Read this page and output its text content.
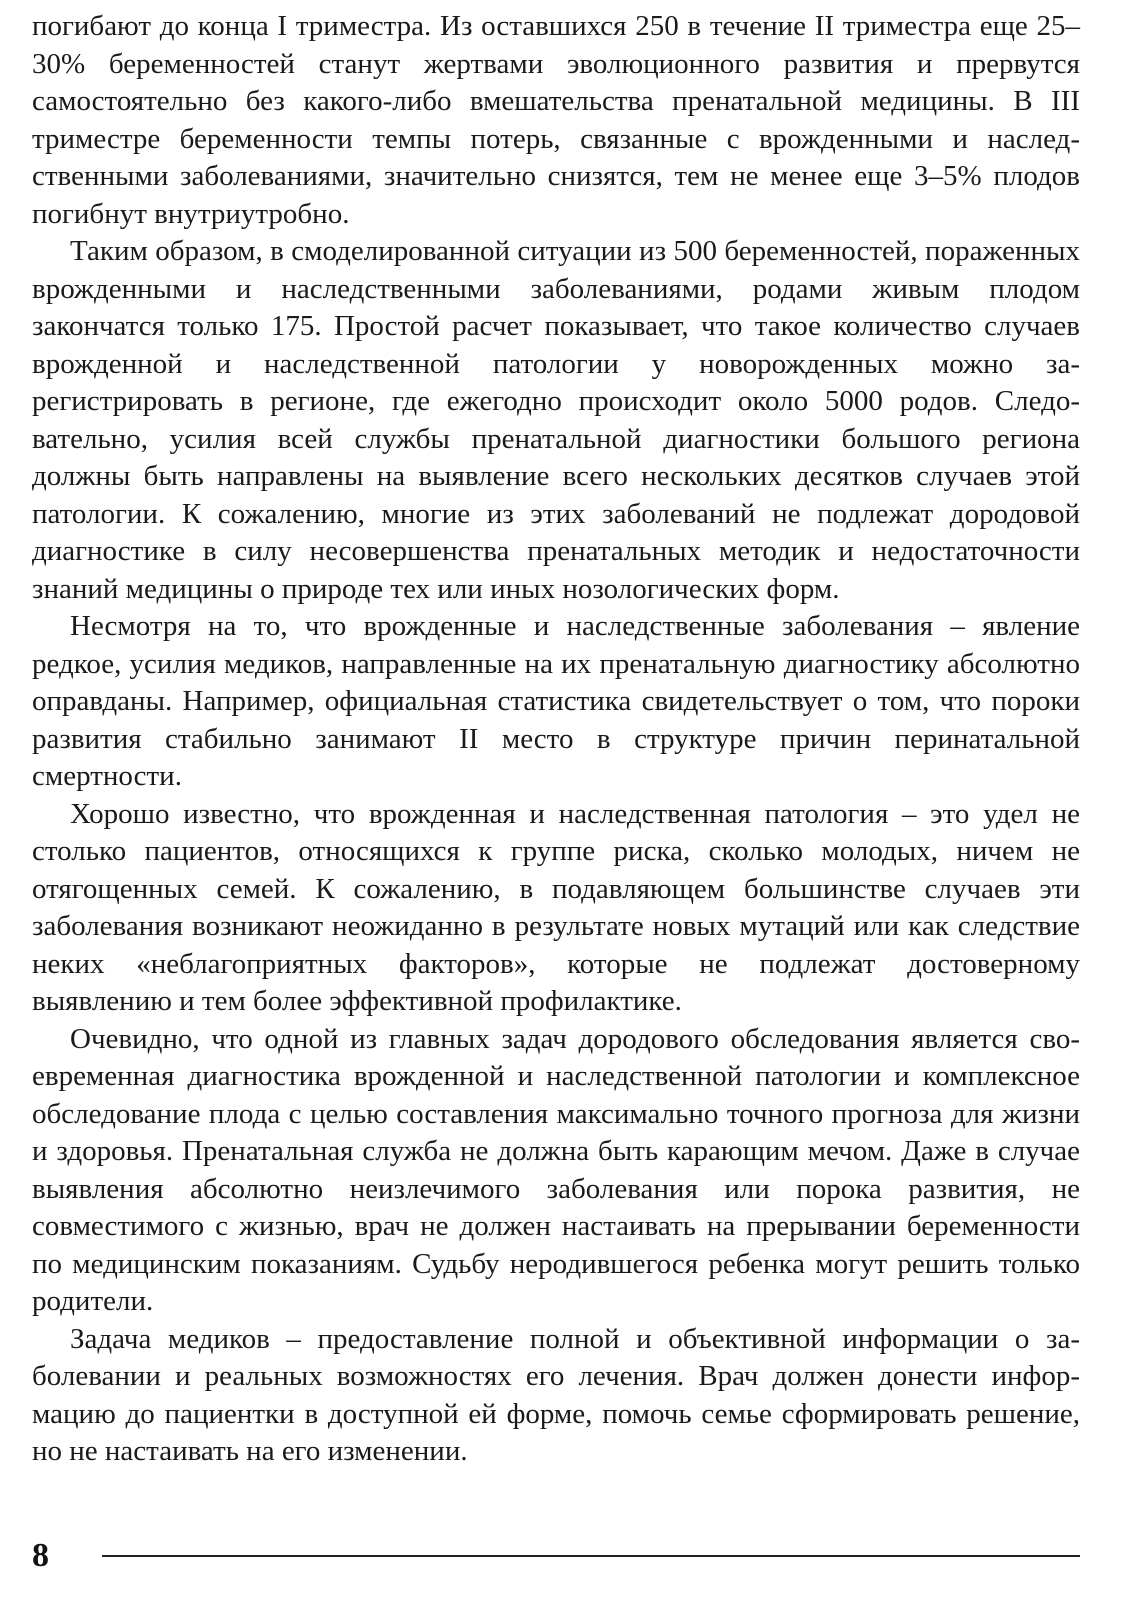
погибают до конца I триместра. Из оставшихся 250 в течение II триместра еще 25–30% беременностей станут жертвами эволюционного развития и прервутся самостоятельно без какого-либо вмешательства пренатальной медицины. В III триместре беременности темпы потерь, связанные с врожденными и наследственными заболеваниями, значительно снизятся, тем не менее еще 3–5% плодов погибнут внутриутробно.

Таким образом, в смоделированной ситуации из 500 беременностей, пораженных врожденными и наследственными заболеваниями, родами живым плодом закончатся только 175. Простой расчет показывает, что такое количество случаев врожденной и наследственной патологии у новорожденных можно зарегистрировать в регионе, где ежегодно происходит около 5000 родов. Следовательно, усилия всей службы пренатальной диагностики большого региона должны быть направлены на выявление всего нескольких десятков случаев этой патологии. К сожалению, многие из этих заболеваний не подлежат дородовой диагностике в силу несовершенства пренатальных методик и недостаточности знаний медицины о природе тех или иных нозологических форм.

Несмотря на то, что врожденные и наследственные заболевания – явление редкое, усилия медиков, направленные на их пренатальную диагностику абсолютно оправданы. Например, официальная статистика свидетельствует о том, что пороки развития стабильно занимают II место в структуре причин перинатальной смертности.

Хорошо известно, что врожденная и наследственная патология – это удел не столько пациентов, относящихся к группе риска, сколько молодых, ничем не отягощенных семей. К сожалению, в подавляющем большинстве случаев эти заболевания возникают неожиданно в результате новых мутаций или как следствие неких «неблагоприятных факторов», которые не подлежат достоверному выявлению и тем более эффективной профилактике.

Очевидно, что одной из главных задач дородового обследования является своевременная диагностика врожденной и наследственной патологии и комплексное обследование плода с целью составления максимально точного прогноза для жизни и здоровья. Пренатальная служба не должна быть карающим мечом. Даже в случае выявления абсолютно неизлечимого заболевания или порока развития, не совместимого с жизнью, врач не должен настаивать на прерывании беременности по медицинским показаниям. Судьбу неродившегося ребенка могут решить только родители.

Задача медиков – предоставление полной и объективной информации о заболевании и реальных возможностях его лечения. Врач должен донести информацию до пациентки в доступной ей форме, помочь семье сформировать решение, но не настаивать на его изменении.

8
